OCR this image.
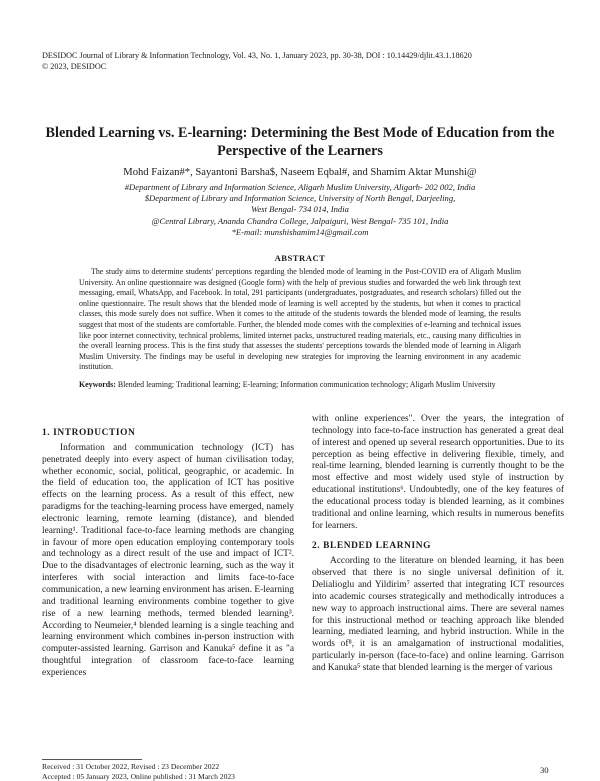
DESIDOC Journal of Library & Information Technology, Vol. 43, No. 1, January 2023, pp. 30-38, DOI : 10.14429/djlit.43.1.18620
© 2023, DESIDOC
Blended Learning vs. E-learning: Determining the Best Mode of Education from the Perspective of the Learners
Mohd Faizan#*, Sayantoni Barsha$, Naseem Eqbal#, and Shamim Aktar Munshi@
#Department of Library and Information Science, Aligarh Muslim University, Aligarh- 202 002, India
$Department of Library and Information Science, University of North Bengal, Darjeeling,
West Bengal- 734 014, India
@Central Library, Ananda Chandra College, Jalpaiguri, West Bengal- 735 101, India
*E-mail: munshishamim14@gmail.com
ABSTRACT

The study aims to determine students' perceptions regarding the blended mode of learning in the Post-COVID era of Aligarh Muslim University. An online questionnaire was designed (Google form) with the help of previous studies and forwarded the web link through text messaging, email, WhatsApp, and Facebook. In total, 291 participants (undergraduates, postgraduates, and research scholars) filled out the online questionnaire. The result shows that the blended mode of learning is well accepted by the students, but when it comes to practical classes, this mode surely does not suffice. When it comes to the attitude of the students towards the blended mode of learning, the results suggest that most of the students are comfortable. Further, the blended mode comes with the complexities of e-learning and technical issues like poor internet connectivity, technical problems, limited internet packs, unstructured reading materials, etc., causing many difficulties in the overall learning process. This is the first study that assesses the students' perceptions towards the blended mode of learning in Aligarh Muslim University. The findings may be useful in developing new strategies for improving the learning environment in any academic institution.

Keywords: Blended learning; Traditional learning; E-learning; Information communication technology; Aligarh Muslim University

1. INTRODUCTION

Information and communication technology (ICT) has penetrated deeply into every aspect of human civilisation today, whether economic, social, political, geographic, or academic. In the field of education too, the application of ICT has positive effects on the learning process. As a result of this effect, new paradigms for the teaching-learning process have emerged, namely electronic learning, remote learning (distance), and blended learning¹. Traditional face-to-face learning methods are changing in favour of more open education employing contemporary tools and technology as a direct result of the use and impact of ICT². Due to the disadvantages of electronic learning, such as the way it interferes with social interaction and limits face-to-face communication, a new learning environment has arisen. E-learning and traditional learning environments combine together to give rise of a new learning methods, termed blended learning³. According to Neumeier,⁴ blended learning is a single teaching and learning environment which combines in-person instruction with computer-assisted learning. Garrison and Kanuka⁵ define it as "a thoughtful integration of classroom face-to-face learning experiences

with online experiences". Over the years, the integration of technology into face-to-face instruction has generated a great deal of interest and opened up several research opportunities. Due to its perception as being effective in delivering flexible, timely, and real-time learning, blended learning is currently thought to be the most effective and most widely used style of instruction by educational institutions⁶. Undoubtedly, one of the key features of the educational process today is blended learning, as it combines traditional and online learning, which results in numerous benefits for learners.

2. BLENDED LEARNING

According to the literature on blended learning, it has been observed that there is no single universal definition of it. Delialioglu and Yildirim⁷ asserted that integrating ICT resources into academic courses strategically and methodically introduces a new way to approach instructional aims. There are several names for this instructional method or teaching approach like blended learning, mediated learning, and hybrid instruction. While in the words of⁸, it is an amalgamation of instructional modalities, particularly in-person (face-to-face) and online learning. Garrison and Kanuka⁵ state that blended learning is the merger of various

Received : 31 October 2022, Revised : 23 December 2022
Accepted : 05 January 2023, Online published : 31 March 2023
30
